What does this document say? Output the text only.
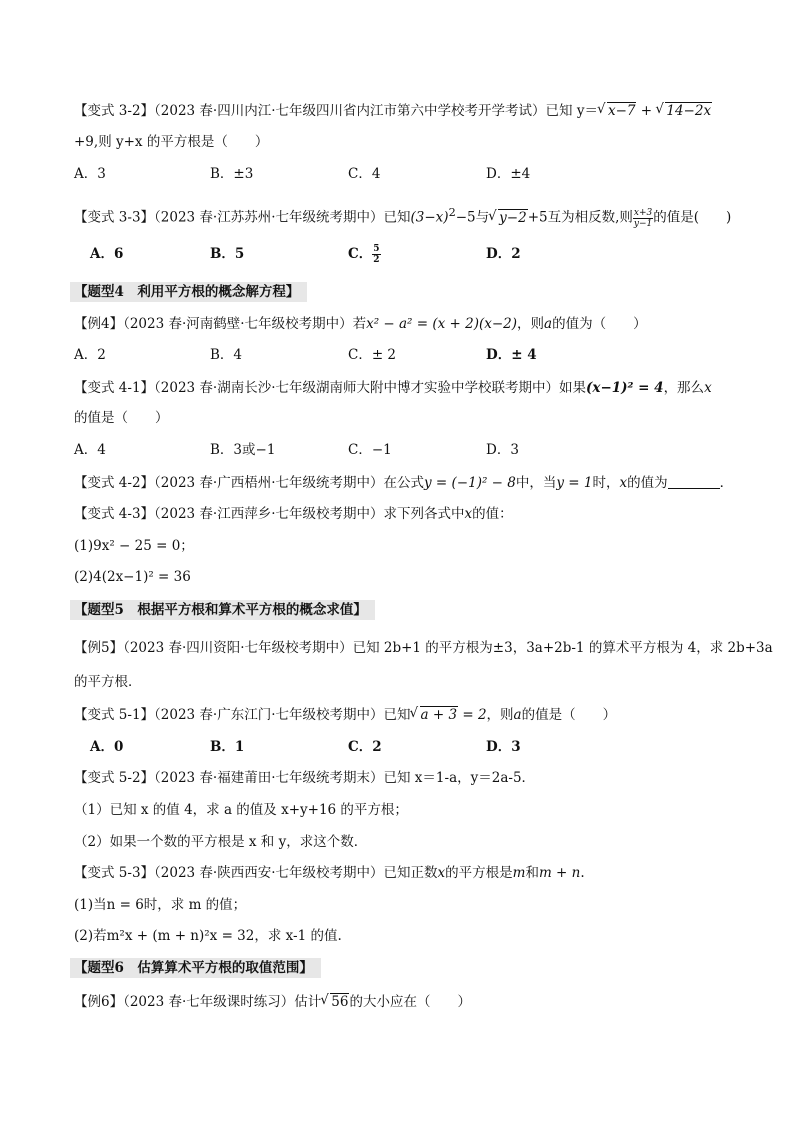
【变式 3-2】（2023 春·四川内江·七年级四川省内江市第六中学校考开学考试）已知 y＝ √ x−7 + √ 14−2x
+9,则 y+x 的平方根是（　　）
A．3	B．±3	C．4	D．±4
【变式 3-3】（2023 春·江苏苏州·七年级统考期中）已知$(3-x)^2-5$与 √ y−2+5互为相反数,则 $\frac{x+3}{y-1}$ 的值是(　　)
A．6	B．5	C． $\frac{5}{2}$	D．2
【题型4　利用平方根的概念解方程】
【例4】（2023 春·河南鹤壁·七年级校考期中）若x² − a² = (x + 2)(x−2)，则a的值为（　　）
A．2	B．4	C．± 2	D．± 4
【变式 4-1】（2023 春·湖南长沙·七年级湖南师大附中博才实验中学校联考期中）如果(x−1)² = 4，那么x
的值是（　　）
A．4	B．3或−1	C．−1	D．3
【变式 4-2】（2023 春·广西梧州·七年级统考期中）在公式y = (−1)² − 8中，当y = 1时，x的值为	．
【变式 4-3】（2023 春·江西萍乡·七年级校考期中）求下列各式中x的值：
(1)9x² − 25 = 0；
(2)4(2x−1)² = 36
【题型5　根据平方根和算术平方根的概念求值】
【例5】（2023 春·四川资阳·七年级校考期中）已知 2b+1 的平方根为±3，3a+2b-1 的算术平方根为 4，求 2b+3a
的平方根．
【变式 5-1】（2023 春·广东江门·七年级校考期中）已知 √ a + 3 = 2，则a的值是（　　）
A．0	B．1	C．2	D．3
【变式 5-2】（2023 春·福建莆田·七年级统考期末）已知 x＝1-a，y＝2a-5．
（1）已知 x 的值 4，求 a 的值及 x+y+16 的平方根；
（2）如果一个数的平方根是 x 和 y，求这个数．
【变式 5-3】（2023 春·陕西西安·七年级校考期中）已知正数x的平方根是m和m + n.
(1)当n = 6时，求 m 的值；
(2)若m²x + (m + n)²x = 32，求 x-1 的值.
【题型6　估算算术平方根的取值范围】
【例6】（2023 春·七年级课时练习）估计 √ 56的大小应在（　　）
